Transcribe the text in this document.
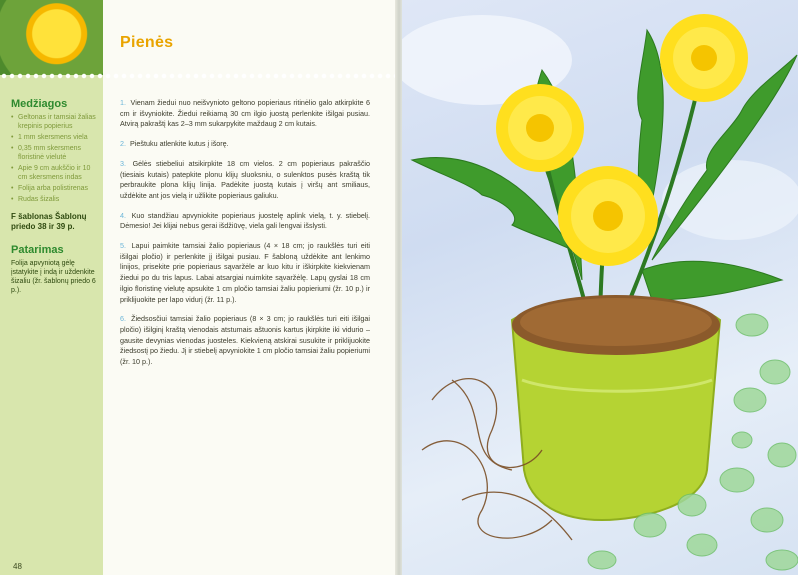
Medžiagos
• Geltonas ir tamsiai žalias krepinis popierius
• 1 mm skersmens viela
• 0,35 mm skersmens floristinė vielutė
• Apie 9 cm aukščio ir 10 cm skersmens indas
• Folija arba polistirenas
• Rudas šizalis
F šablonas Šablonų priedo 38 ir 39 p.
Patarimas
Folija apvyniotą gėlę įstatykite į indą ir uždenkite šizaliu (žr. šablonų priedo 6 p.).
Pienės

1. Vienam žiedui nuo neišvynioto geltono popieriaus ritinėlio galo atkirpkite 6 cm ir išvyniokite. Žiedui reikiamą 30 cm ilgio juostą perlenkite išilgai pusiau. Atvirą pakraštį kas 2–3 mm sukarpykite maždaug 2 cm kutais.

2. Pieštuku atlenkite kutus į išorę.

3. Gėlės stiebeliui atsikirpkite 18 cm vielos. 2 cm popieriaus pakraščio (tiesiais kutais) patepkite plonu klijų sluoksniu, o sulenktos pusės kraštą tik perbraukite plona klijų linija. Padėkite juostą kutais į viršų ant smiliaus, uždėkite ant jos vielą ir užlikite popieriaus galiuku.

4. Kuo standžiau apvyniokite popieriaus juostelę aplink vielą, t. y. stiebelį. Dėmesio! Jei klijai nebus gerai išdžiūvę, viela gali lengvai išslysti.

5. Lapui paimkite tamsiai žalio popieriaus (4 × 18 cm; jo raukšlės turi eiti išilgai pločio) ir perlenkite jį išilgai pusiau. F šabloną uždėkite ant lenkimo linijos, prisekite prie popieriaus sąvaržėle ar kuo kitu ir iškirpkite kiekvienam žiedui po du tris lapus. Labai atsargiai nuimkite sąvaržėlę. Lapų gyslai 18 cm ilgio floristinę vielutę apsukite 1 cm pločio tamsiai žaliu popieriumi (žr. 10 p.) ir priklijuokite per lapo vidurį (žr. 11 p.).

6. Žiedsosčiui tamsiai žalio popieriaus (8 × 3 cm; jo raukšlės turi eiti išilgai pločio) išilginį kraštą vienodais atstumais aštuonis kartus įkirpkite iki vidurio – gausite devynias vienodas juosteles. Kiekvieną atskirai susukite ir priklijuokite žiedsostį po žiedu. Jį ir stiebelį apvyniokite 1 cm pločio tamsiai žaliu popieriumi (žr. 10 p.).

48
